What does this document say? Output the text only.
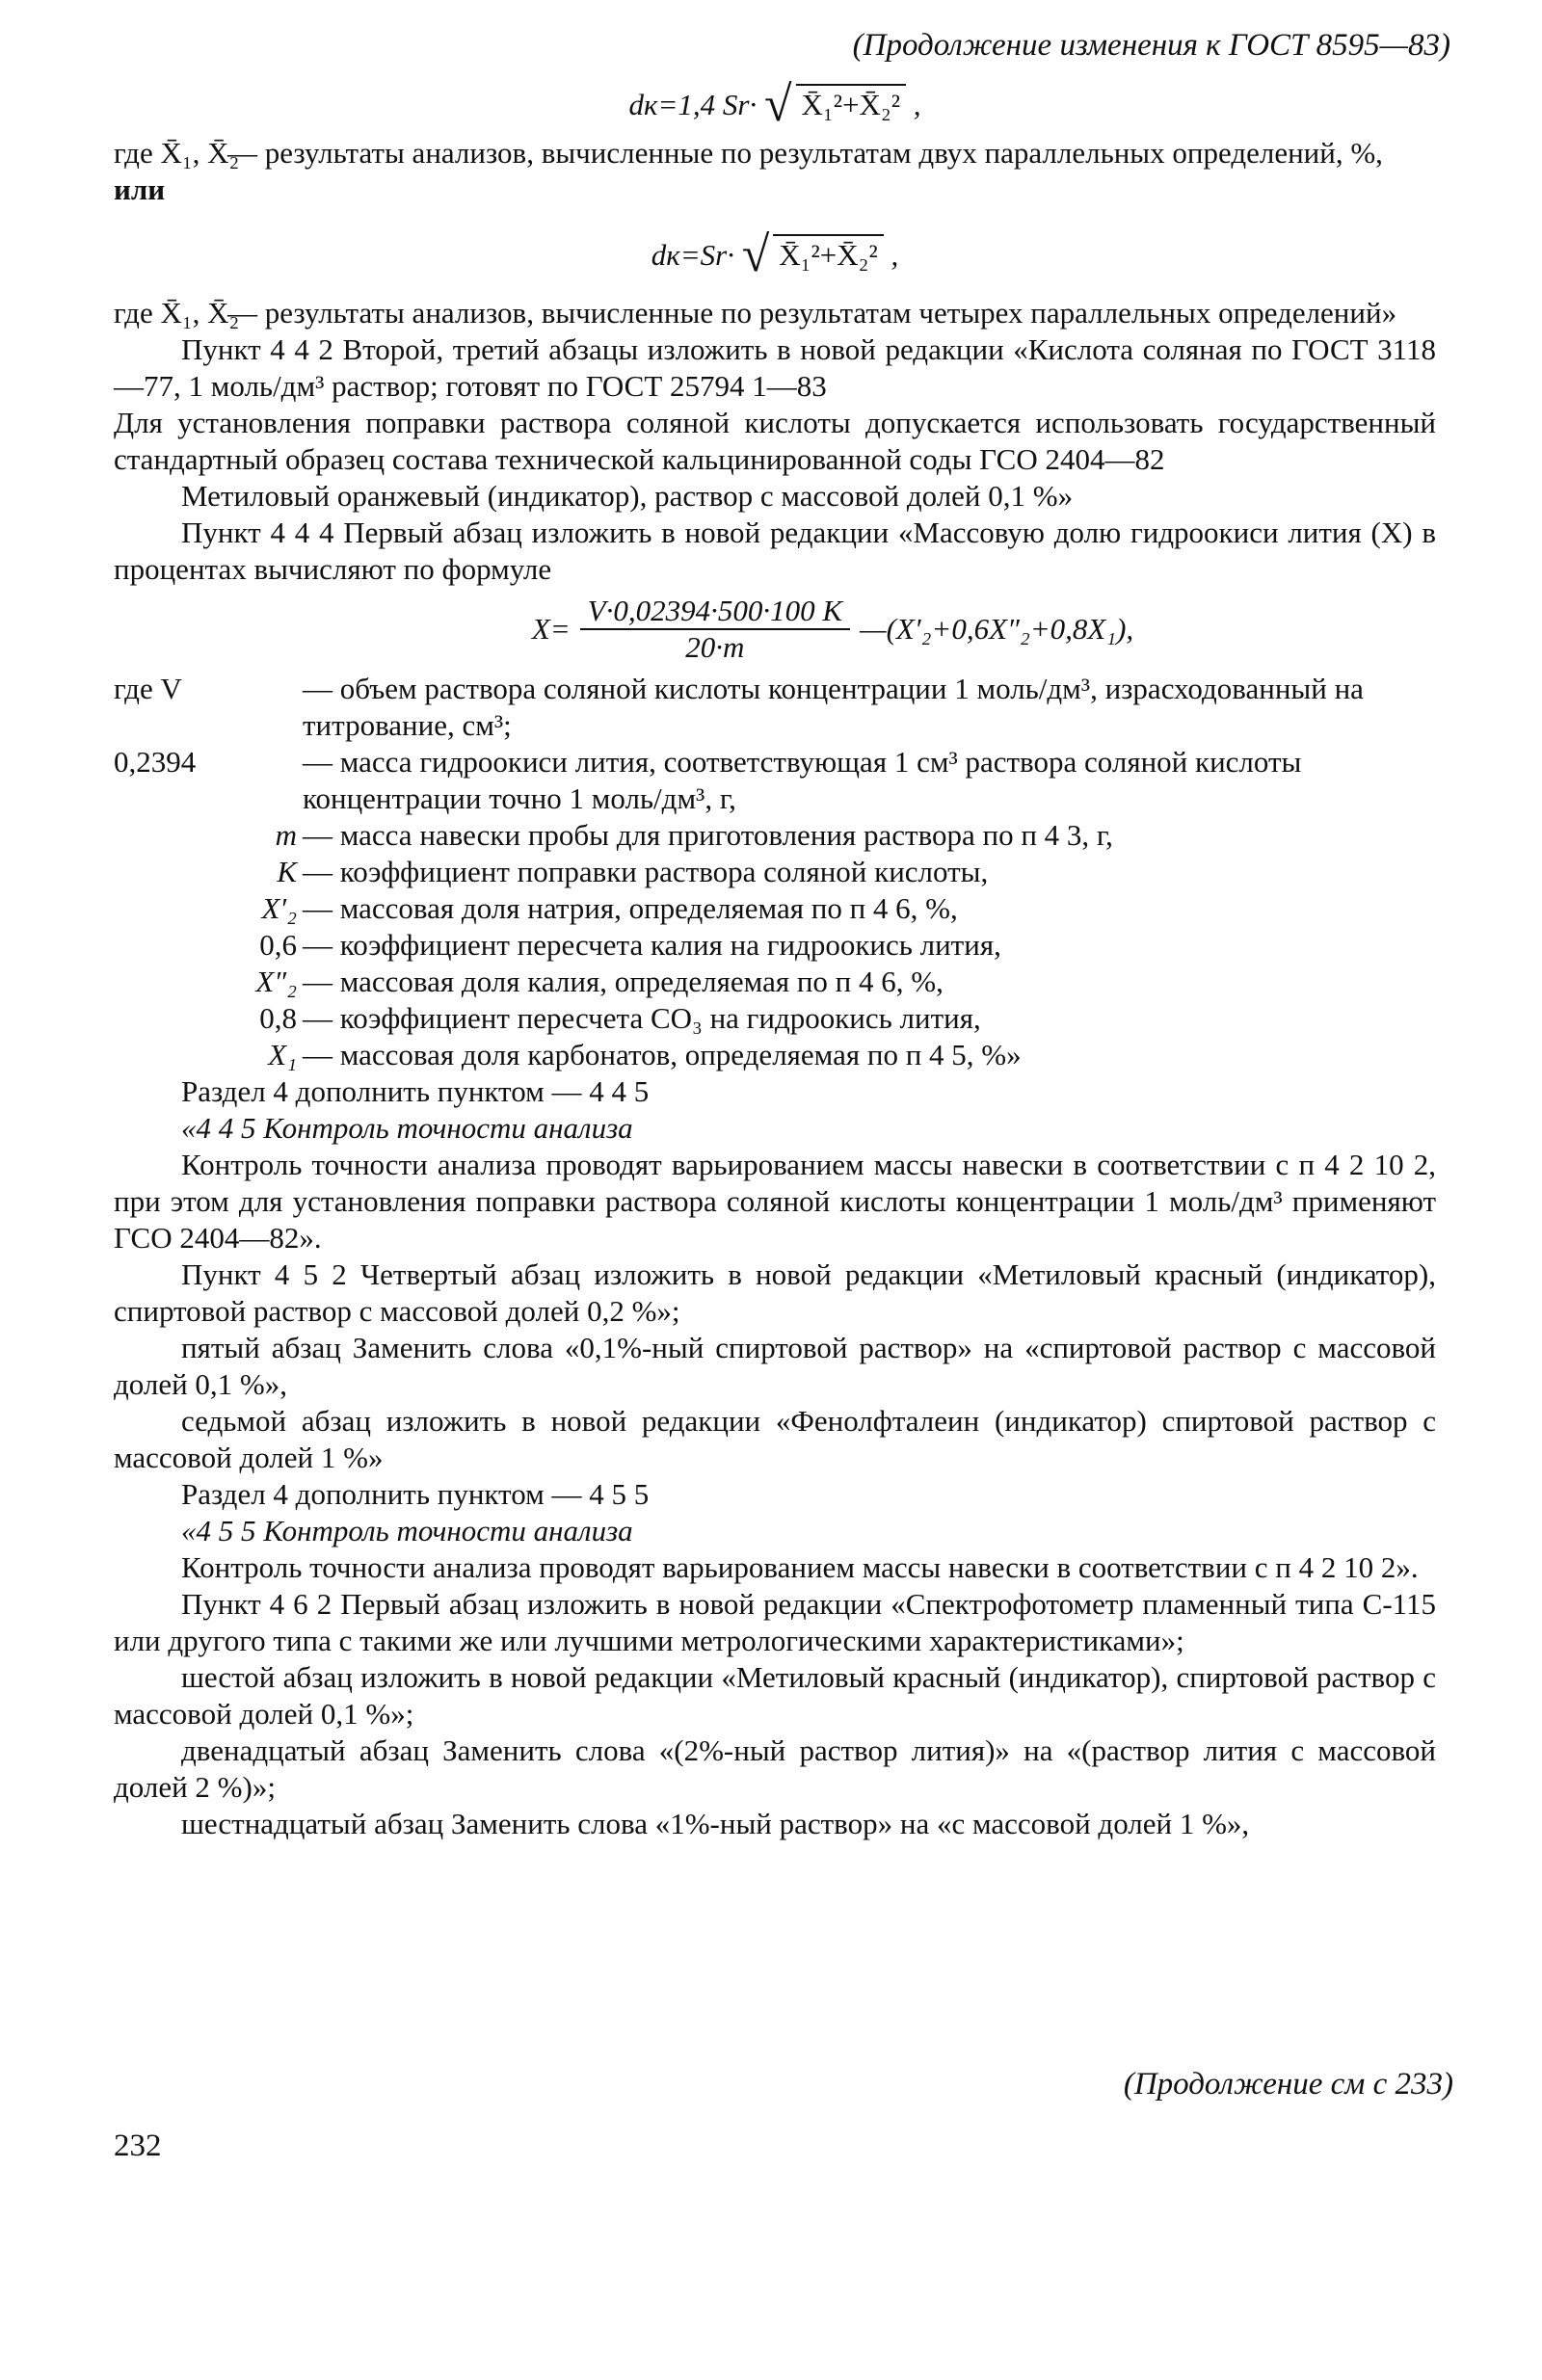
(Продолжение изменения к ГОСТ 8595—83)
dк=1,4 Sr· √ X̄₁²+X̄₂² ,
где X̄₁, X̄₂
— результаты анализов, вычисленные по результатам двух параллельных определений, %,
или
dк=Sr· √ X̄₁²+X̄₂² ,
где X̄₁, X̄₂
— результаты анализов, вычисленные по результатам четырех параллельных определений»

Пункт 4 4 2 Второй, третий абзацы изложить в новой редакции «Кислота соляная по ГОСТ 3118—77, 1 моль/дм³ раствор; готовят по ГОСТ 25794 1—83

Для установления поправки раствора соляной кислоты допускается использовать государственный стандартный образец состава технической кальцинированной соды ГСО 2404—82

Метиловый оранжевый (индикатор), раствор с массовой долей 0,1 %»

Пункт 4 4 4 Первый абзац изложить в новой редакции «Массовую долю гидроокиси лития (X) в процентах вычисляют по формуле

$X= \frac{V\cdot 0,02394\cdot 500\cdot 100 K}{20\cdot m}$ —(X′₂+0,6X″₂+0,8X₁),
где V	— объем раствора соляной кислоты концентрации 1 моль/дм³, израсходованный на титрование, см³;
0,2394	— масса гидроокиси лития, соответствующая 1 см³ раствора соляной кислоты концентрации точно 1 моль/дм³, г,
m — масса навески пробы для приготовления раствора по п 4 3, г,
K — коэффициент поправки раствора соляной кислоты,
X′₂ — массовая доля натрия, определяемая по п 4 6, %,
0,6 — коэффициент пересчета калия на гидроокись лития,
X″₂ — массовая доля калия, определяемая по п 4 6, %,
0,8 — коэффициент пересчета CO₃ на гидроокись лития,
X₁ — массовая доля карбонатов, определяемая по п 4 5, %»

Раздел 4 дополнить пунктом — 4 4 5

«4 4 5 Контроль точности анализа

Контроль точности анализа проводят варьированием массы навески в соответствии с п 4 2 10 2, при этом для установления поправки раствора соляной кислоты концентрации 1 моль/дм³ применяют ГСО 2404—82».

Пункт 4 5 2 Четвертый абзац изложить в новой редакции «Метиловый красный (индикатор), спиртовой раствор с массовой долей 0,2 %»;

пятый абзац Заменить слова «0,1%-ный спиртовой раствор» на «спиртовой раствор с массовой долей 0,1 %»,

седьмой абзац изложить в новой редакции «Фенолфталеин (индикатор) спиртовой раствор с массовой долей 1 %»

Раздел 4 дополнить пунктом — 4 5 5

«4 5 5 Контроль точности анализа

Контроль точности анализа проводят варьированием массы навески в соответствии с п 4 2 10 2».

Пункт 4 6 2 Первый абзац изложить в новой редакции «Спектрофотометр пламенный типа С-115 или другого типа с такими же или лучшими метрологическими характеристиками»;

шестой абзац изложить в новой редакции «Метиловый красный (индикатор), спиртовой раствор с массовой долей 0,1 %»;

двенадцатый абзац Заменить слова «(2%-ный раствор лития)» на «(раствор лития с массовой долей 2 %)»;

шестнадцатый абзац Заменить слова «1%-ный раствор» на «с массовой долей 1 %»,

(Продолжение см с 233)
232
